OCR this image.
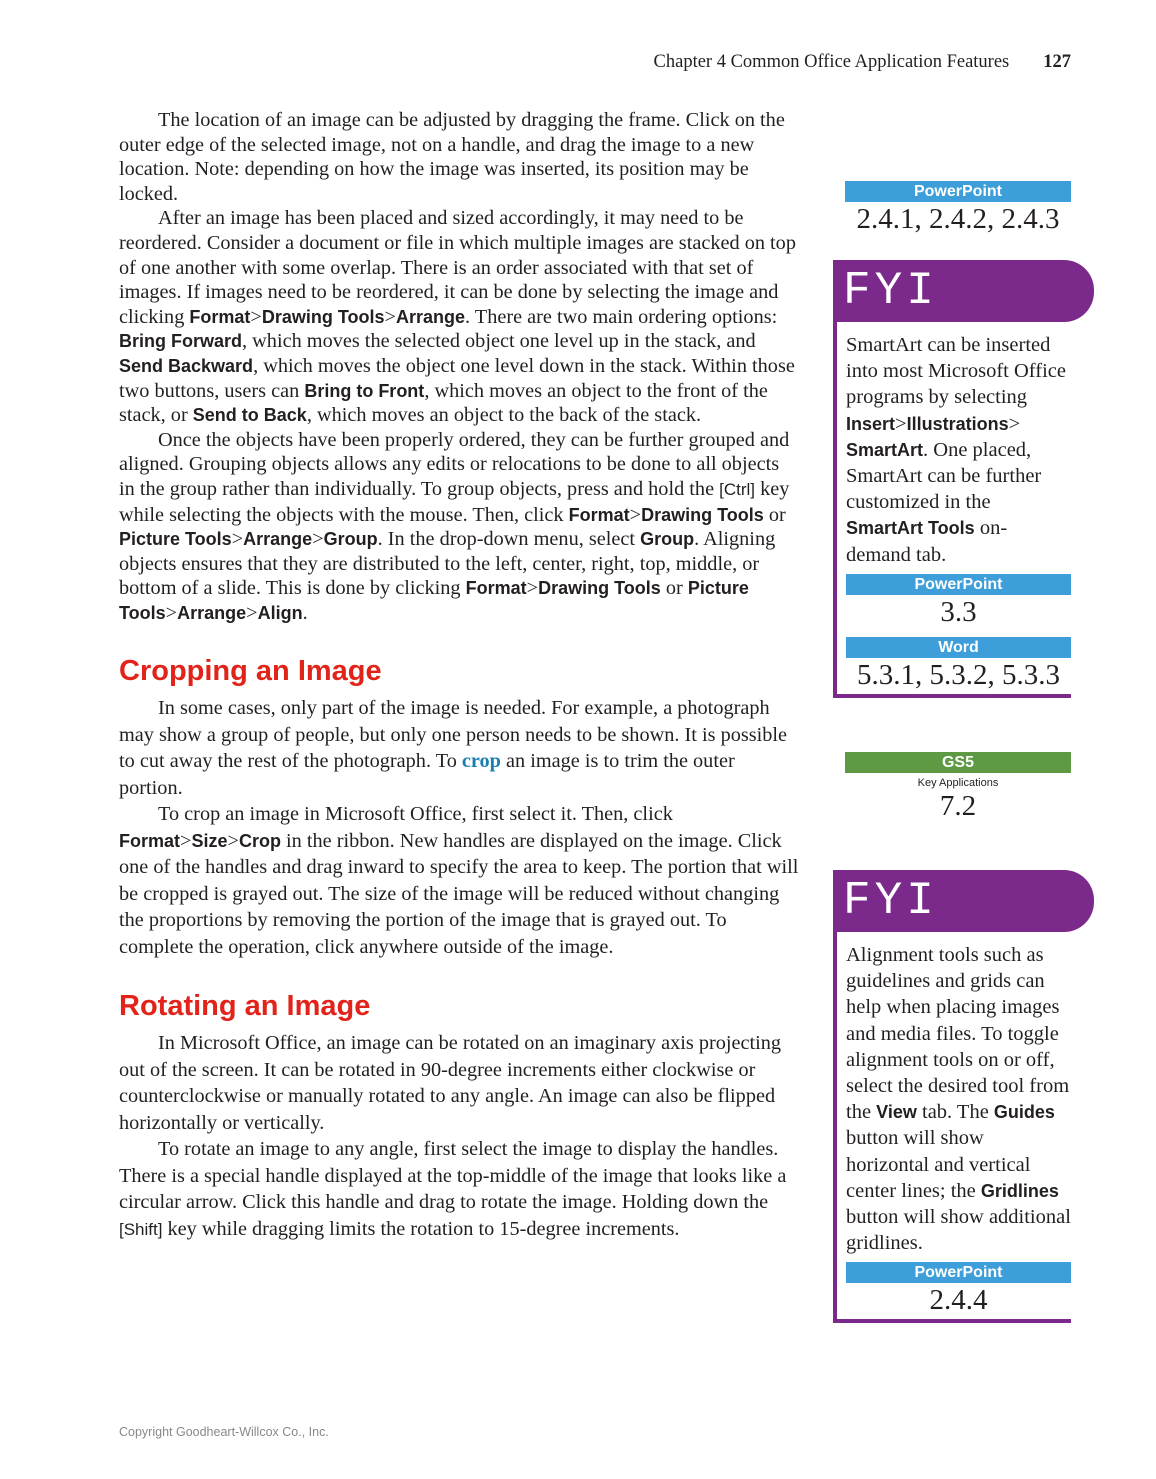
Chapter 4 Common Office Application Features 127

The location of an image can be adjusted by dragging the frame. Click on the outer edge of the selected image, not on a handle, and drag the image to a new location. Note: depending on how the image was inserted, its position may be locked.

After an image has been placed and sized accordingly, it may need to be reordered. Consider a document or file in which multiple images are stacked on top of one another with some overlap. There is an order associated with that set of images. If images need to be reordered, it can be done by selecting the image and clicking Format>Drawing Tools>Arrange. There are two main ordering options: Bring Forward, which moves the selected object one level up in the stack, and Send Backward, which moves the object one level down in the stack. Within those two buttons, users can Bring to Front, which moves an object to the front of the stack, or Send to Back, which moves an object to the back of the stack.

Once the objects have been properly ordered, they can be further grouped and aligned. Grouping objects allows any edits or relocations to be done to all objects in the group rather than individually. To group objects, press and hold the [Ctrl] key while selecting the objects with the mouse. Then, click Format>Drawing Tools or Picture Tools>Arrange>Group. In the drop-down menu, select Group. Aligning objects ensures that they are distributed to the left, center, right, top, middle, or bottom of a slide. This is done by clicking Format>Drawing Tools or Picture Tools>Arrange>Align.

Cropping an Image

In some cases, only part of the image is needed. For example, a photograph may show a group of people, but only one person needs to be shown. It is possible to cut away the rest of the photograph. To crop an image is to trim the outer portion.

To crop an image in Microsoft Office, first select it. Then, click Format>Size>Crop in the ribbon. New handles are displayed on the image. Click one of the handles and drag inward to specify the area to keep. The portion that will be cropped is grayed out. The size of the image will be reduced without changing the proportions by removing the portion of the image that is grayed out. To complete the operation, click anywhere outside of the image.

Rotating an Image

In Microsoft Office, an image can be rotated on an imaginary axis projecting out of the screen. It can be rotated in 90-degree increments either clockwise or counterclockwise or manually rotated to any angle. An image can also be flipped horizontally or vertically.

To rotate an image to any angle, first select the image to display the handles. There is a special handle displayed at the top-middle of the image that looks like a circular arrow. Click this handle and drag to rotate the image. Holding down the [Shift] key while dragging limits the rotation to 15-degree increments.

PowerPoint
2.4.1, 2.4.2, 2.4.3
FYI
SmartArt can be inserted into most Microsoft Office programs by selecting Insert>Illustrations> SmartArt. One placed, SmartArt can be further customized in the SmartArt Tools on-demand tab.
PowerPoint
3.3
Word
5.3.1, 5.3.2, 5.3.3
GS5
Key Applications
7.2
FYI
Alignment tools such as guidelines and grids can help when placing images and media files. To toggle alignment tools on or off, select the desired tool from the View tab. The Guides button will show horizontal and vertical center lines; the Gridlines button will show additional gridlines.
PowerPoint
2.4.4
Copyright Goodheart-Willcox Co., Inc.
